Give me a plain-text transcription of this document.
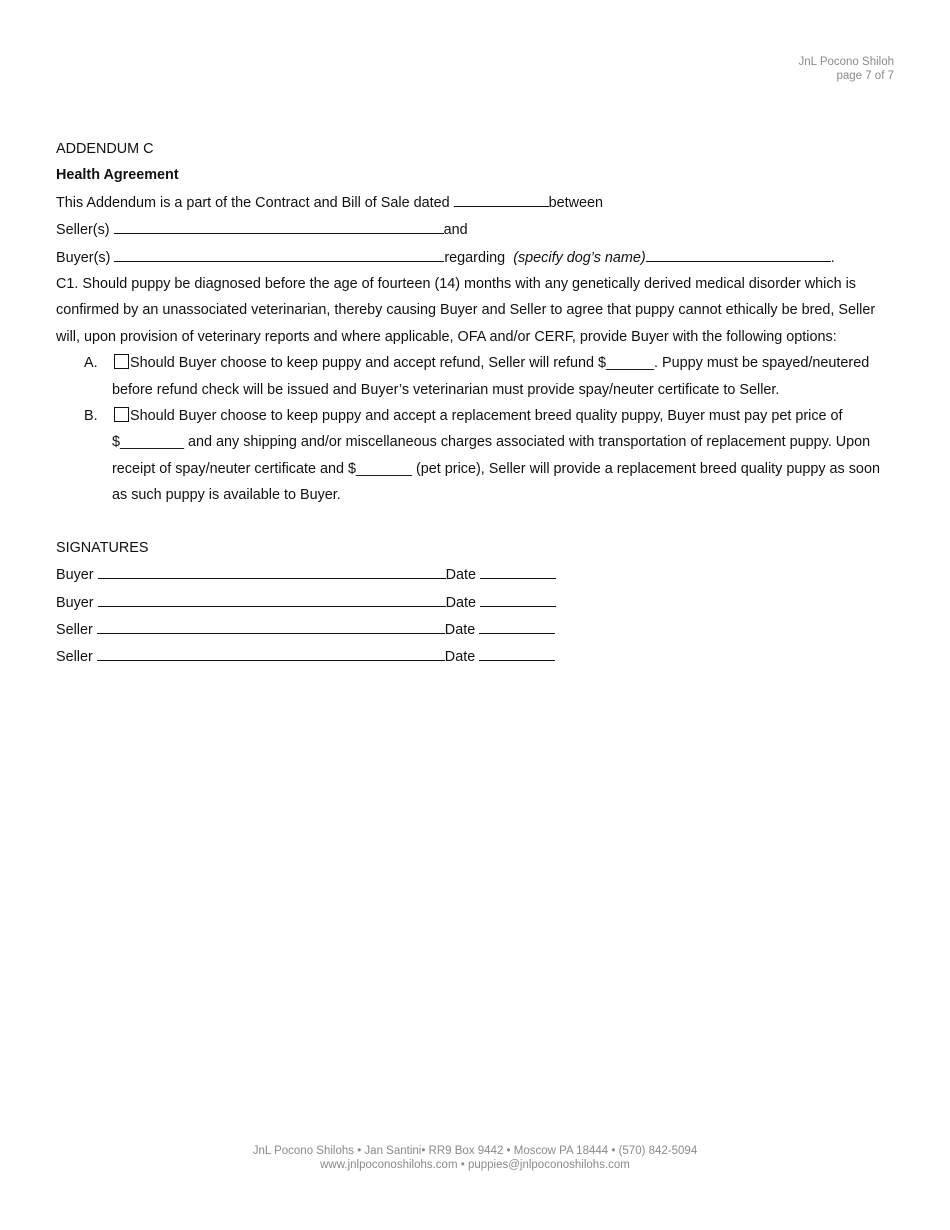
JnL Pocono Shiloh
page 7 of 7
ADDENDUM C
Health Agreement
This Addendum is a part of the Contract and Bill of Sale dated	between
Seller(s)	and
Buyer(s)	regarding (specify dog’s name)	.
C1. Should puppy be diagnosed before the age of fourteen (14) months with any genetically derived medical disorder which is confirmed by an unassociated veterinarian, thereby causing Buyer and Seller to agree that puppy cannot ethically be bred, Seller will, upon provision of veterinary reports and where applicable, OFA and/or CERF, provide Buyer with the following options:
A. Should Buyer choose to keep puppy and accept refund, Seller will refund $______. Puppy must be spayed/neutered before refund check will be issued and Buyer’s veterinarian must provide spay/neuter certificate to Seller.
B. Should Buyer choose to keep puppy and accept a replacement breed quality puppy, Buyer must pay pet price of $________ and any shipping and/or miscellaneous charges associated with transportation of replacement puppy. Upon receipt of spay/neuter certificate and $_______ (pet price), Seller will provide a replacement breed quality puppy as soon as such puppy is available to Buyer.
SIGNATURES
Buyer	Date
Buyer	Date
Seller	Date
Seller	Date
JnL Pocono Shilohs • Jan Santini• RR9 Box 9442 • Moscow PA 18444 • (570) 842-5094
www.jnlpoconoshilohs.com • puppies@jnlpoconoshilohs.com
